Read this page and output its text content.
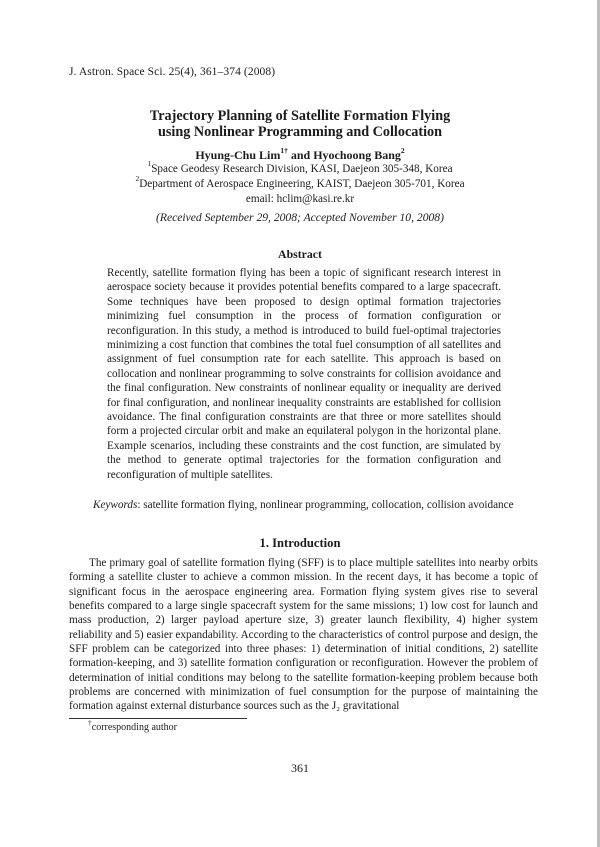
J. Astron. Space Sci. 25(4), 361–374 (2008)
Trajectory Planning of Satellite Formation Flying
using Nonlinear Programming and Collocation
Hyung-Chu Lim$^{1\dagger}$ and Hyochoong Bang$^2$
$^1$Space Geodesy Research Division, KASI, Daejeon 305-348, Korea
$^2$Department of Aerospace Engineering, KAIST, Daejeon 305-701, Korea
email: hclim@kasi.re.kr
(Received September 29, 2008; Accepted November 10, 2008)
Abstract
Recently, satellite formation flying has been a topic of significant research interest in aerospace society because it provides potential benefits compared to a large spacecraft. Some techniques have been proposed to design optimal formation trajectories minimizing fuel consumption in the process of formation configuration or reconfiguration. In this study, a method is introduced to build fuel-optimal trajectories minimizing a cost function that combines the total fuel consumption of all satellites and assignment of fuel consumption rate for each satellite. This approach is based on collocation and nonlinear programming to solve constraints for collision avoidance and the final configuration. New constraints of nonlinear equality or inequality are derived for final configuration, and nonlinear inequality constraints are established for collision avoidance. The final configuration constraints are that three or more satellites should form a projected circular orbit and make an equilateral polygon in the horizontal plane. Example scenarios, including these constraints and the cost function, are simulated by the method to generate optimal trajectories for the formation configuration and reconfiguration of multiple satellites.
Keywords: satellite formation flying, nonlinear programming, collocation, collision avoidance
1. Introduction
The primary goal of satellite formation flying (SFF) is to place multiple satellites into nearby orbits forming a satellite cluster to achieve a common mission. In the recent days, it has become a topic of significant focus in the aerospace engineering area. Formation flying system gives rise to several benefits compared to a large single spacecraft system for the same missions; 1) low cost for launch and mass production, 2) larger payload aperture size, 3) greater launch flexibility, 4) higher system reliability and 5) easier expandability. According to the characteristics of control purpose and design, the SFF problem can be categorized into three phases: 1) determination of initial conditions, 2) satellite formation-keeping, and 3) satellite formation configuration or reconfiguration. However the problem of determination of initial conditions may belong to the satellite formation-keeping problem because both problems are concerned with minimization of fuel consumption for the purpose of maintaining the formation against external disturbance sources such as the J₂ gravitational
†corresponding author
361
